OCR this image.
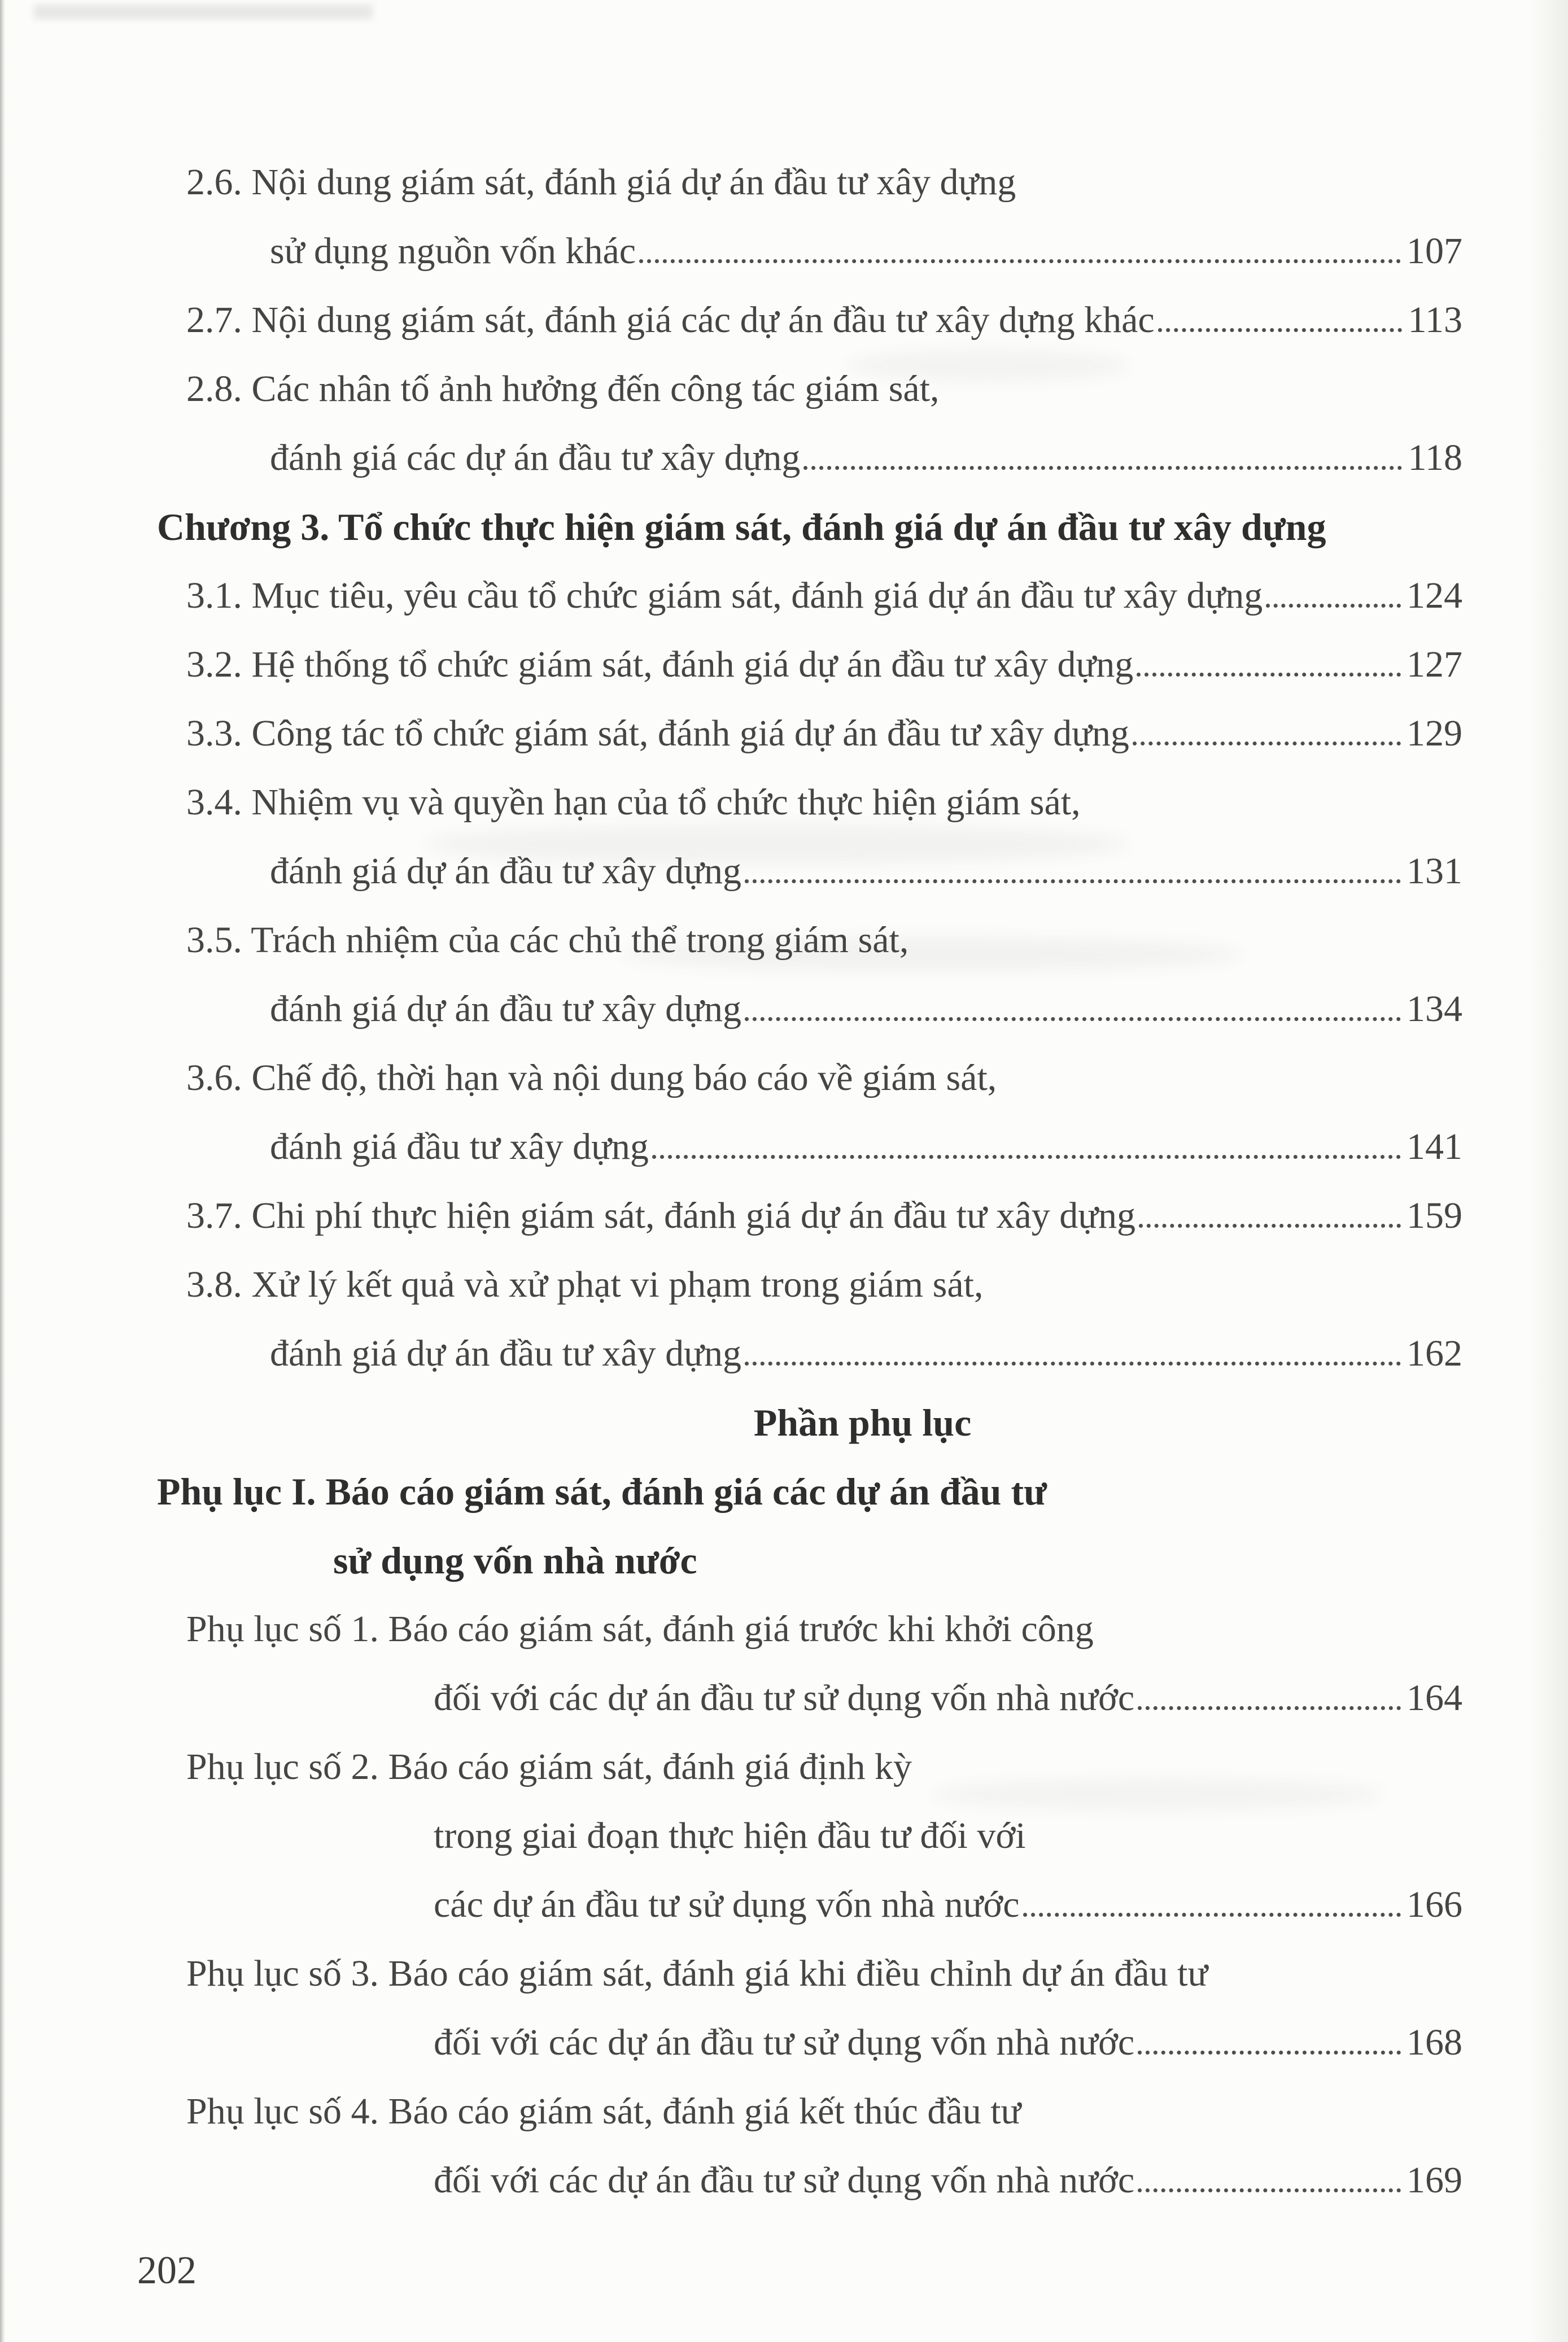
2.6. Nội dung giám sát, đánh giá dự án đầu tư xây dựng
sử dụng nguồn vốn khác	107
2.7. Nội dung giám sát, đánh giá các dự án đầu tư xây dựng khác	113
2.8. Các nhân tố ảnh hưởng đến công tác giám sát,
đánh giá các dự án đầu tư xây dựng	118
Chương 3. Tổ chức thực hiện giám sát, đánh giá dự án đầu tư xây dựng
3.1. Mục tiêu, yêu cầu tổ chức giám sát, đánh giá dự án đầu tư xây dựng	124
3.2. Hệ thống tổ chức giám sát, đánh giá dự án đầu tư xây dựng	127
3.3. Công tác tổ chức giám sát, đánh giá dự án đầu tư xây dựng	129
3.4. Nhiệm vụ và quyền hạn của tổ chức thực hiện giám sát,
đánh giá dự án đầu tư xây dựng	131
3.5. Trách nhiệm của các chủ thể trong giám sát,
đánh giá dự án đầu tư xây dựng	134
3.6. Chế độ, thời hạn và nội dung báo cáo về giám sát,
đánh giá đầu tư xây dựng	141
3.7. Chi phí thực hiện giám sát, đánh giá dự án đầu tư xây dựng	159
3.8. Xử lý kết quả và xử phạt vi phạm trong giám sát,
đánh giá dự án đầu tư xây dựng	162
Phần phụ lục
Phụ lục I. Báo cáo giám sát, đánh giá các dự án đầu tư
sử dụng vốn nhà nước
Phụ lục số 1. Báo cáo giám sát, đánh giá trước khi khởi công
đối với các dự án đầu tư sử dụng vốn nhà nước	164
Phụ lục số 2. Báo cáo giám sát, đánh giá định kỳ
trong giai đoạn thực hiện đầu tư đối với
các dự án đầu tư sử dụng vốn nhà nước	166
Phụ lục số 3. Báo cáo giám sát, đánh giá khi điều chỉnh dự án đầu tư
đối với các dự án đầu tư sử dụng vốn nhà nước	168
Phụ lục số 4. Báo cáo giám sát, đánh giá kết thúc đầu tư
đối với các dự án đầu tư sử dụng vốn nhà nước	169
202
